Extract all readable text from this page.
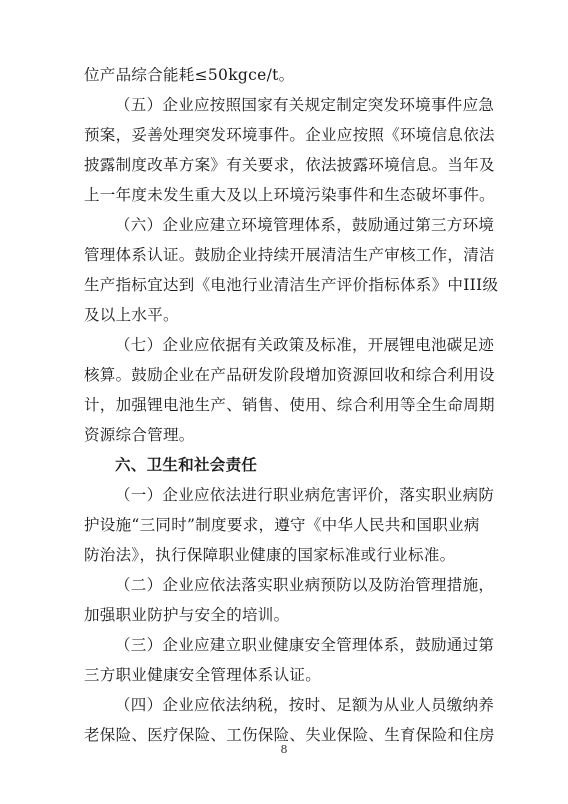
位产品综合能耗≤50kgce/t。
（五）企业应按照国家有关规定制定突发环境事件应急
预案，妥善处理突发环境事件。企业应按照《环境信息依法
披露制度改革方案》有关要求，依法披露环境信息。当年及
上一年度未发生重大及以上环境污染事件和生态破坏事件。
（六）企业应建立环境管理体系，鼓励通过第三方环境
管理体系认证。鼓励企业持续开展清洁生产审核工作，清洁
生产指标宜达到《电池行业清洁生产评价指标体系》中III级
及以上水平。
（七）企业应依据有关政策及标准，开展锂电池碳足迹
核算。鼓励企业在产品研发阶段增加资源回收和综合利用设
计，加强锂电池生产、销售、使用、综合利用等全生命周期
资源综合管理。
六、卫生和社会责任
（一）企业应依法进行职业病危害评价，落实职业病防
护设施“三同时”制度要求，遵守《中华人民共和国职业病
防治法》，执行保障职业健康的国家标准或行业标准。
（二）企业应依法落实职业病预防以及防治管理措施，
加强职业防护与安全的培训。
（三）企业应建立职业健康安全管理体系，鼓励通过第
三方职业健康安全管理体系认证。
（四）企业应依法纳税，按时、足额为从业人员缴纳养
老保险、医疗保险、工伤保险、失业保险、生育保险和住房
8
